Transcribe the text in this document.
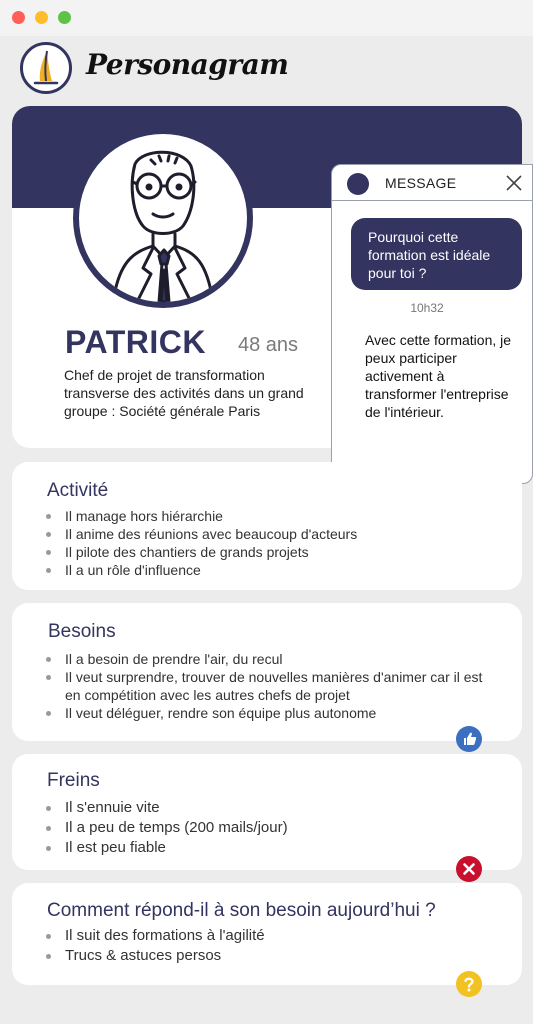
Personagram
PATRICK 48 ans
Chef de projet de transformation transverse des activités dans un grand groupe : Société générale Paris
MESSAGE
Pourquoi cette formation est idéale pour toi ?
10h32
Avec cette formation, je peux participer activement à transformer l'entreprise de l'intérieur.
Activité
Il manage hors hiérarchie
Il anime des réunions avec beaucoup d'acteurs
Il pilote des chantiers de grands projets
Il a un rôle d'influence
Besoins
Il a besoin de prendre l'air, du recul
Il veut surprendre, trouver de nouvelles manières d'animer car il est en compétition avec les autres chefs de projet
Il veut déléguer, rendre son équipe plus autonome
Freins
Il s'ennuie vite
Il a peu de temps (200 mails/jour)
Il est peu fiable
Comment répond-il à son besoin aujourd’hui ?
Il suit des formations à l'agilité
Trucs & astuces persos
